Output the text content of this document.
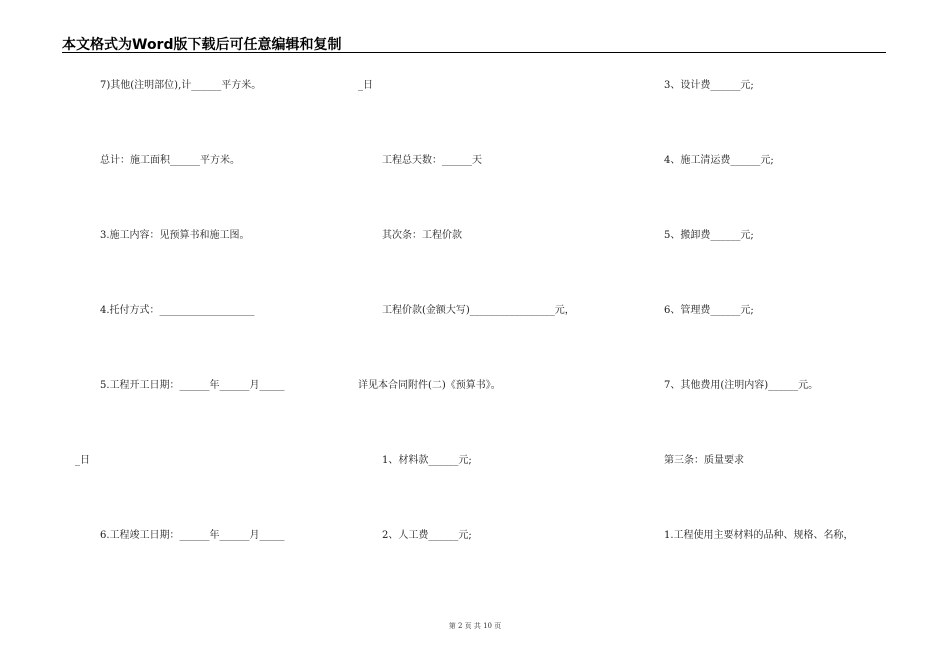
本文格式为Word版下载后可任意编辑和复制
7)其他(注明部位),计______平方米。
总计：施工面积______平方米。
3.施工内容：见预算书和施工图。
4.托付方式：___________________
5.工程开工日期：______年______月_____
_日
6.工程竣工日期：______年______月_____
_日
工程总天数：______天
其次条：工程价款
工程价款(金额大写)_________________元，
详见本合同附件(二)《预算书》。
1、材料款______元;
2、人工费______元;
3、设计费______元;
4、施工清运费______元;
5、搬卸费______元;
6、管理费______元;
7、其他费用(注明内容)______元。
第三条：质量要求
1.工程使用主要材料的品种、规格、名称，
第 2 页 共 10 页
